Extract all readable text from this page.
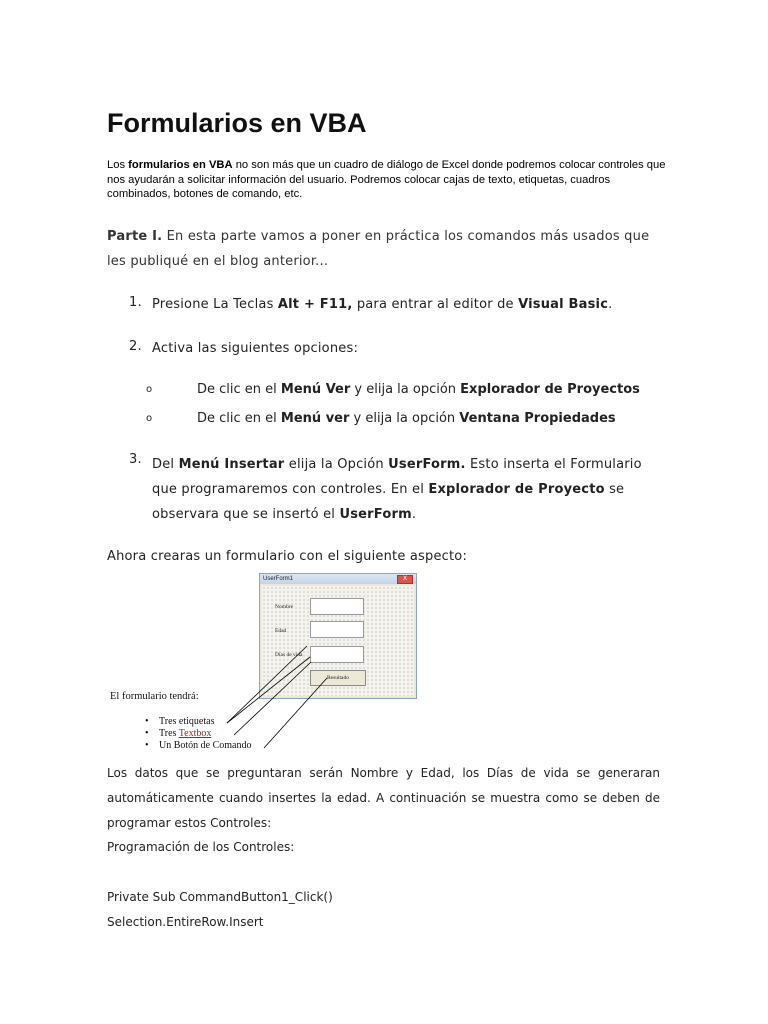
Formularios en VBA

Los formularios en VBA no son más que un cuadro de diálogo de Excel donde podremos colocar controles que nos ayudarán a solicitar información del usuario. Podremos colocar cajas de texto, etiquetas, cuadros combinados, botones de comando, etc.

Parte I. En esta parte vamos a poner en práctica los comandos más usados que les publiqué en el blog anterior...

1. Presione La Teclas Alt + F11, para entrar al editor de Visual Basic.
2. Activa las siguientes opciones:
o	De clic en el Menú Ver y elija la opción Explorador de Proyectos
o	De clic en el Menú ver y elija la opción Ventana Propiedades
3. Del Menú Insertar elija la Opción UserForm. Esto inserta el Formulario que programaremos con controles. En el Explorador de Proyecto se observara que se insertó el UserForm.

Ahora crearas un formulario con el siguiente aspecto:

UserForm1	X
Nombre
Edad
Días de vida
Resultado
El formulario tendrá:
• Tres etiquetas
• Tres Textbox
• Un Botón de Comando

Los datos que se preguntaran serán Nombre y Edad, los Días de vida se generaran automáticamente cuando insertes la edad. A continuación se muestra como se deben de programar estos Controles:

Programación de los Controles:

Private Sub CommandButton1_Click()

Selection.EntireRow.Insert
